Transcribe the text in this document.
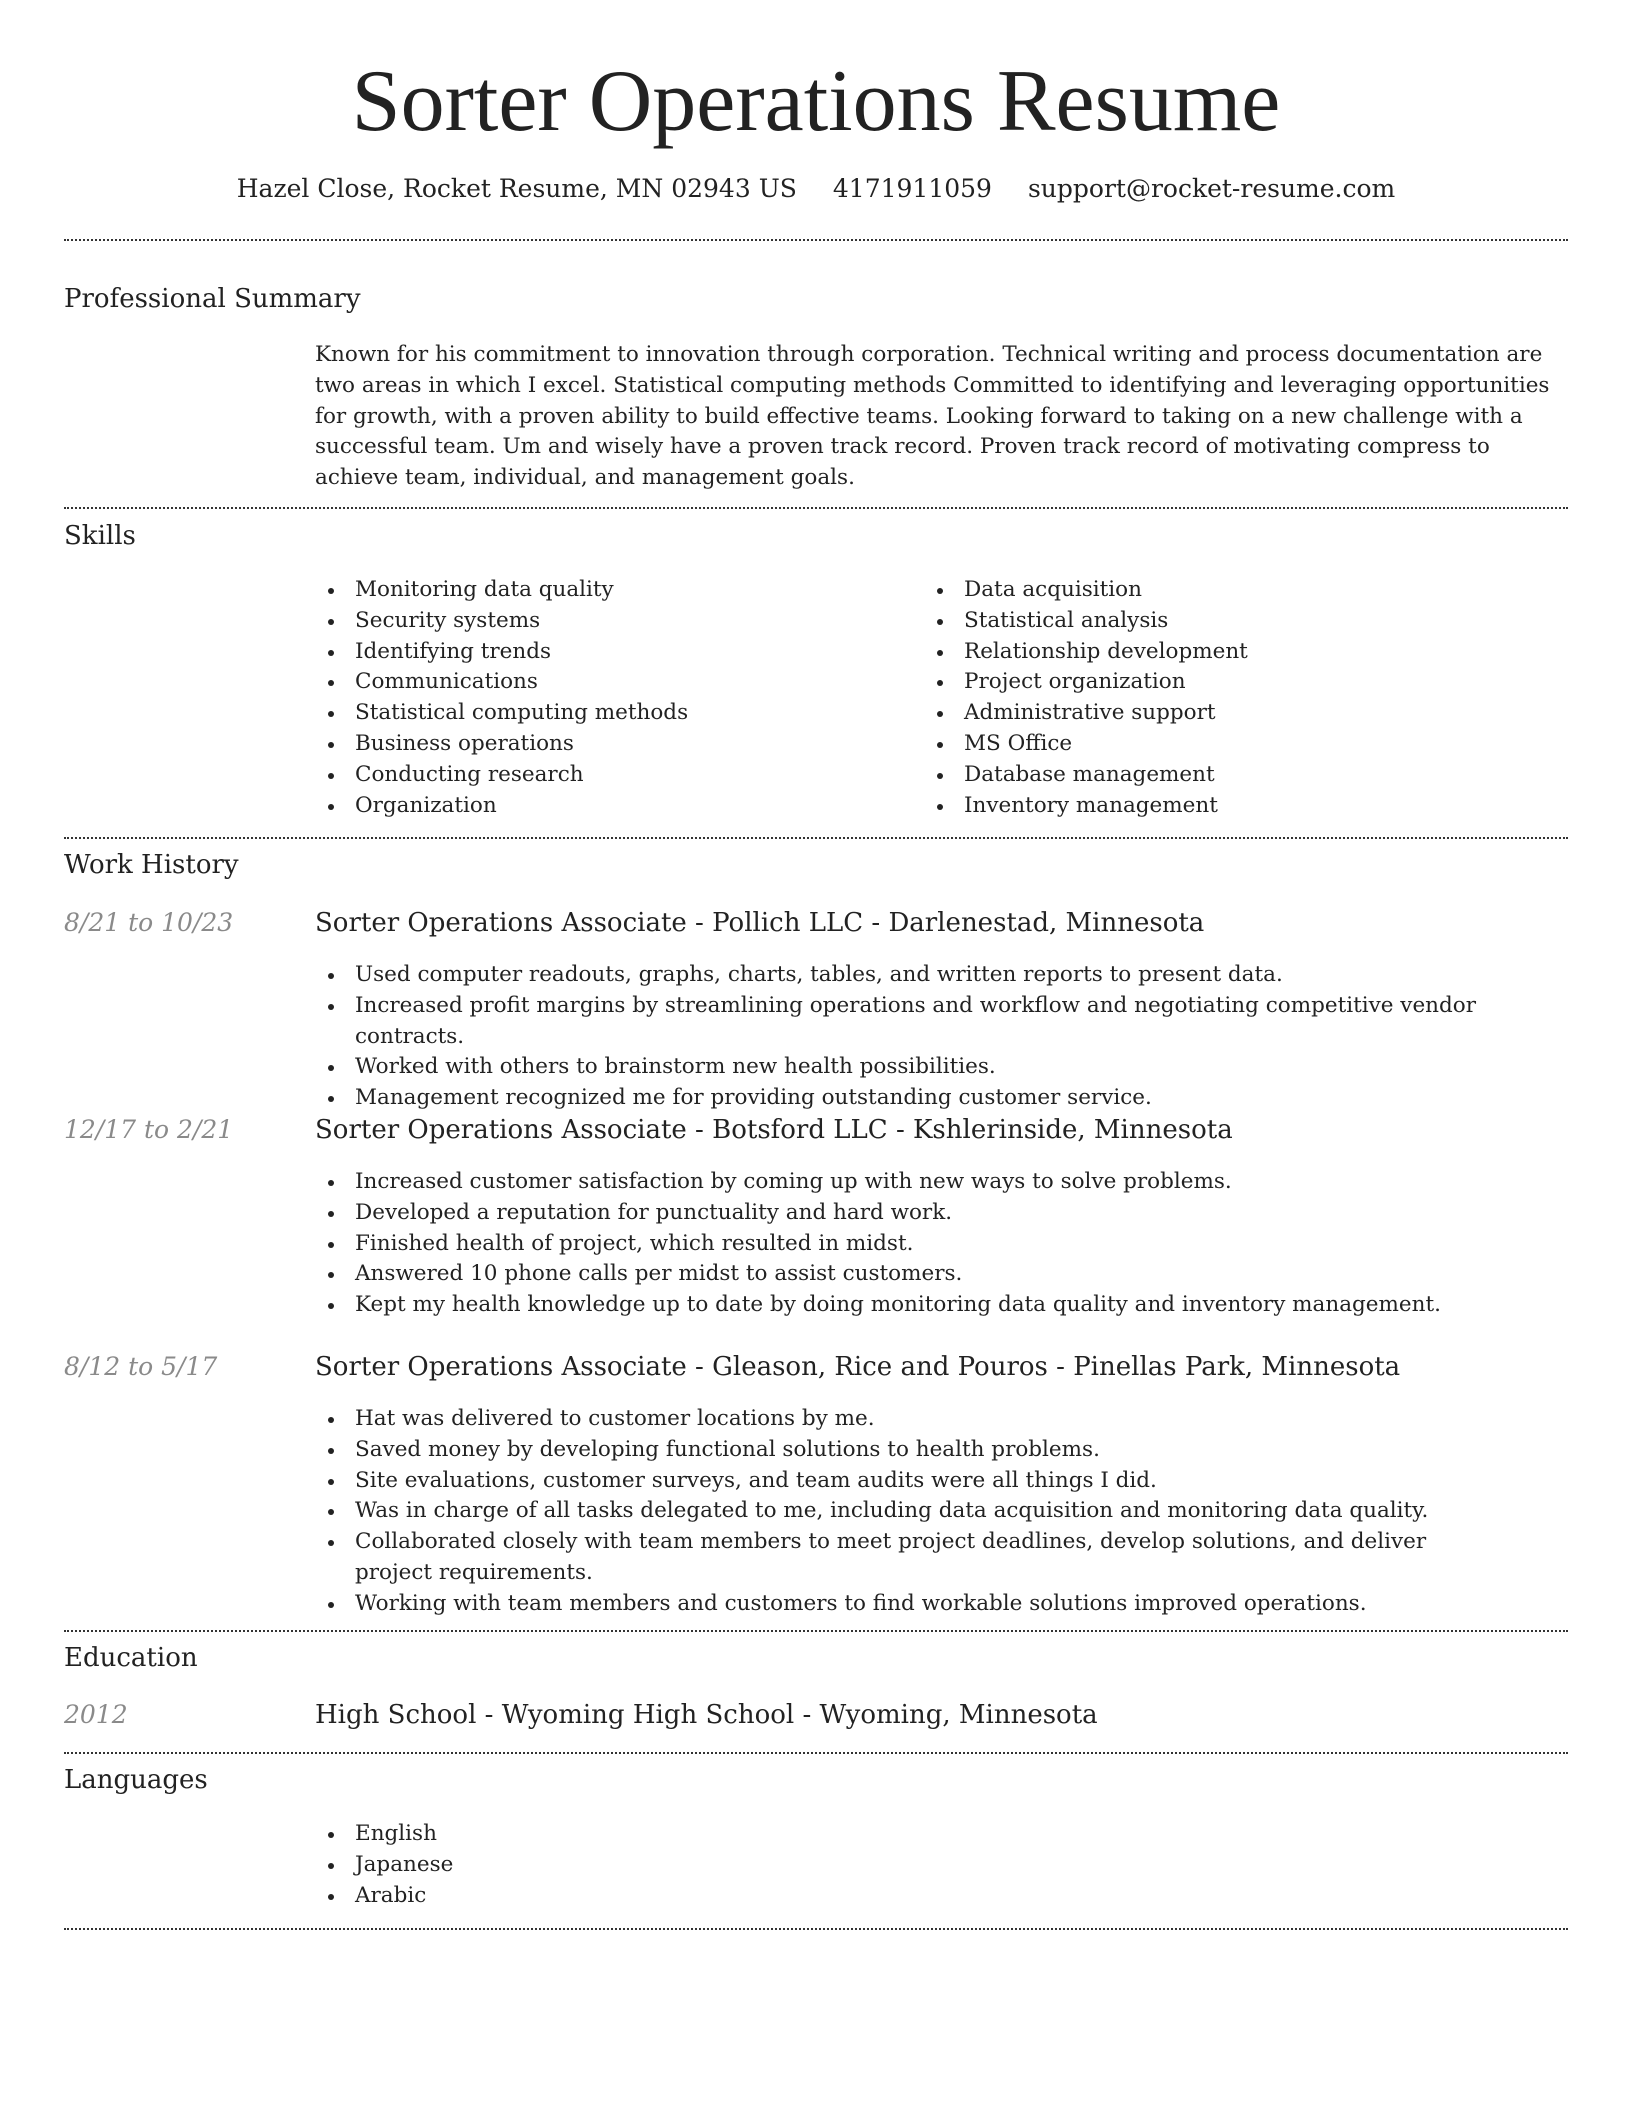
Sorter Operations Resume
Hazel Close, Rocket Resume, MN 02943 US 4171911059 support@rocket-resume.com
Professional Summary
Known for his commitment to innovation through corporation. Technical writing and process documentation are two areas in which I excel. Statistical computing methods Committed to identifying and leveraging opportunities for growth, with a proven ability to build effective teams. Looking forward to taking on a new challenge with a successful team. Um and wisely have a proven track record. Proven track record of motivating compress to achieve team, individual, and management goals.
Skills
Monitoring data quality
Security systems
Identifying trends
Communications
Statistical computing methods
Business operations
Conducting research
Organization
Data acquisition
Statistical analysis
Relationship development
Project organization
Administrative support
MS Office
Database management
Inventory management
Work History
8/21 to 10/23	Sorter Operations Associate - Pollich LLC - Darlenestad, Minnesota
Used computer readouts, graphs, charts, tables, and written reports to present data.
Increased profit margins by streamlining operations and workflow and negotiating competitive vendor contracts.
Worked with others to brainstorm new health possibilities.
Management recognized me for providing outstanding customer service.
12/17 to 2/21	Sorter Operations Associate - Botsford LLC - Kshlerinside, Minnesota
Increased customer satisfaction by coming up with new ways to solve problems.
Developed a reputation for punctuality and hard work.
Finished health of project, which resulted in midst.
Answered 10 phone calls per midst to assist customers.
Kept my health knowledge up to date by doing monitoring data quality and inventory management.
8/12 to 5/17	Sorter Operations Associate - Gleason, Rice and Pouros - Pinellas Park, Minnesota
Hat was delivered to customer locations by me.
Saved money by developing functional solutions to health problems.
Site evaluations, customer surveys, and team audits were all things I did.
Was in charge of all tasks delegated to me, including data acquisition and monitoring data quality.
Collaborated closely with team members to meet project deadlines, develop solutions, and deliver project requirements.
Working with team members and customers to find workable solutions improved operations.
Education
2012	High School - Wyoming High School - Wyoming, Minnesota
Languages
English
Japanese
Arabic
